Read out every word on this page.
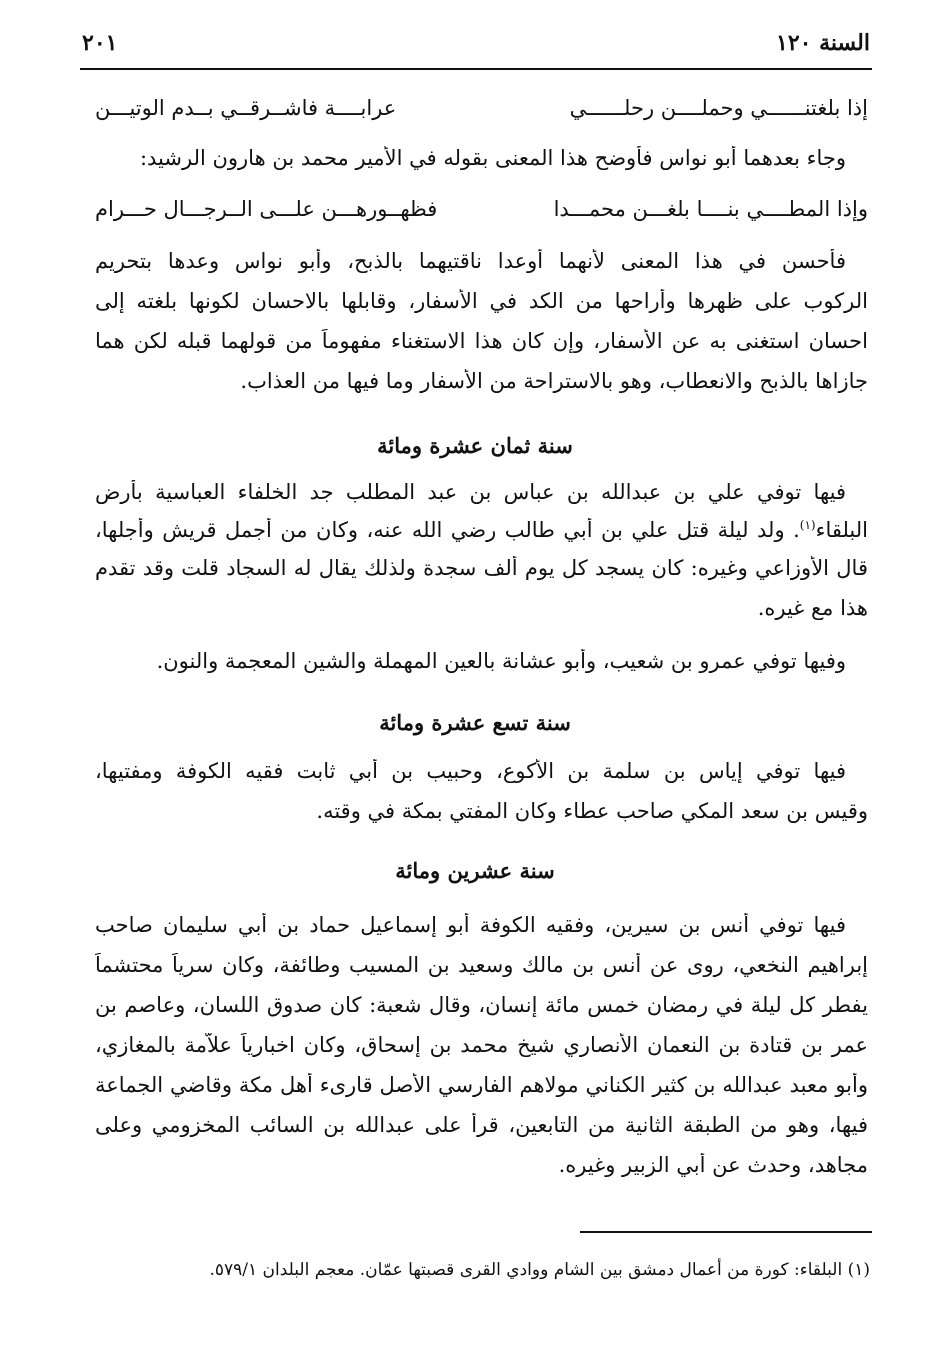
السنة ١٢٠
٢٠١
إذا بلغتنــــــي وحملــــن رحلــــــي
عرابــــة فاشــرقــي بــدم الوتيـــن
وجاء بعدهما أبو نواس فأوضح هذا المعنى بقوله في الأمير محمد بن هارون الرشيد:
وإذا المطــــي بنــــا بلغـــن محمـــدا
فظهــورهـــن علـــى الــرجـــال حـــرام
فأحسن في هذا المعنى لأنهما أوعدا ناقتيهما بالذبح، وأبو نواس وعدها بتحريم
الركوب على ظهرها وأراحها من الكد في الأسفار، وقابلها بالاحسان لكونها بلغته إلى
احسان استغنى به عن الأسفار، وإن كان هذا الاستغناء مفهوماً من قولهما قبله لكن هما
جازاها بالذبح والانعطاب، وهو بالاستراحة من الأسفار وما فيها من العذاب.
سنة ثمان عشرة ومائة
فيها توفي علي بن عبدالله بن عباس بن عبد المطلب جد الخلفاء العباسية بأرض
البلقاء$^{(١)}$. ولد ليلة قتل علي بن أبي طالب رضي الله عنه، وكان من أجمل قريش وأجلها،
قال الأوزاعي وغيره: كان يسجد كل يوم ألف سجدة ولذلك يقال له السجاد قلت وقد تقدم
هذا مع غيره.
وفيها توفي عمرو بن شعيب، وأبو عشانة بالعين المهملة والشين المعجمة والنون.
سنة تسع عشرة ومائة
فيها توفي إياس بن سلمة بن الأكوع، وحبيب بن أبي ثابت فقيه الكوفة ومفتيها،
وقيس بن سعد المكي صاحب عطاء وكان المفتي بمكة في وقته.
سنة عشرين ومائة
فيها توفي أنس بن سيرين، وفقيه الكوفة أبو إسماعيل حماد بن أبي سليمان صاحب
إبراهيم النخعي، روى عن أنس بن مالك وسعيد بن المسيب وطائفة، وكان سرياً محتشماً
يفطر كل ليلة في رمضان خمس مائة إنسان، وقال شعبة: كان صدوق اللسان، وعاصم بن
عمر بن قتادة بن النعمان الأنصاري شيخ محمد بن إسحاق، وكان اخبارياً علاّمة بالمغازي،
وأبو معبد عبدالله بن كثير الكناني مولاهم الفارسي الأصل قارىء أهل مكة وقاضي الجماعة
فيها، وهو من الطبقة الثانية من التابعين، قرأ على عبدالله بن السائب المخزومي وعلى
مجاهد، وحدث عن أبي الزبير وغيره.
(١) البلقاء: كورة من أعمال دمشق بين الشام ووادي القرى قصبتها عمّان. معجم البلدان ٥٧٩/١.
